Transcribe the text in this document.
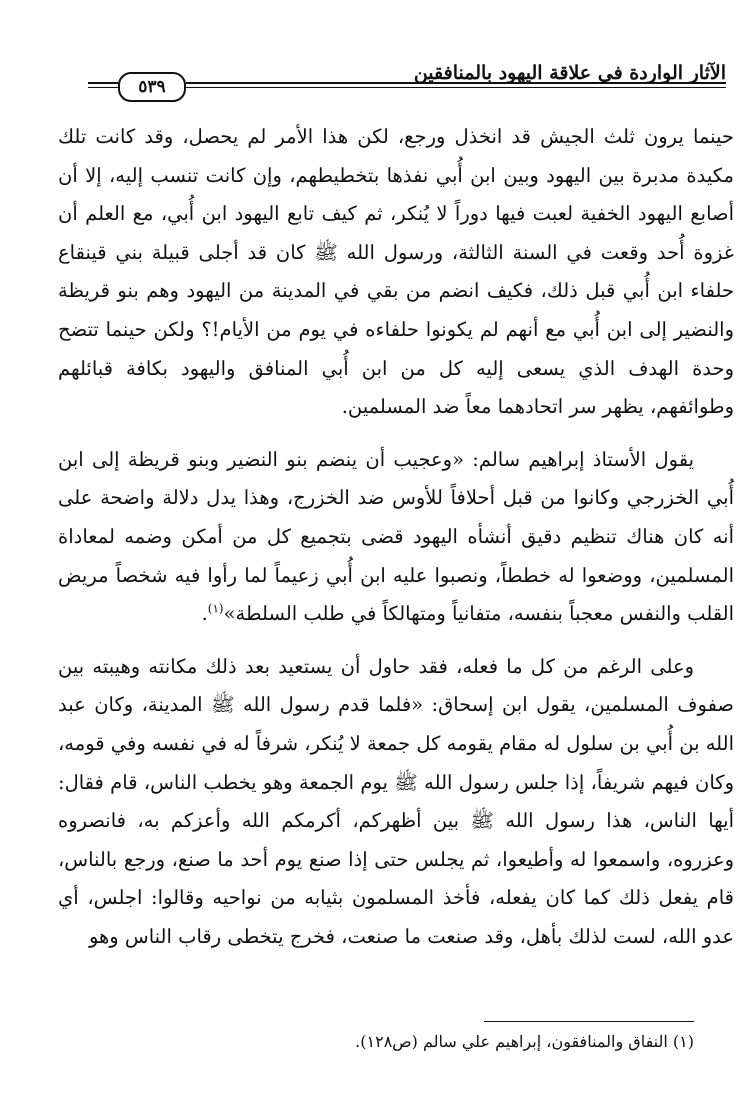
الآثار الواردة في علاقة اليهود بالمنافقين
٥٣٩

حينما يرون ثلث الجيش قد انخذل ورجع، لكن هذا الأمر لم يحصل، وقد كانت تلك مكيدة مدبرة بين اليهود وبين ابن أُبي نفذها بتخطيطهم، وإن كانت تنسب إليه، إلا أن أصابع اليهود الخفية لعبت فيها دوراً لا يُنكر، ثم كيف تابع اليهود ابن أُبي، مع العلم أن غزوة أُحد وقعت في السنة الثالثة، ورسول الله ﷺ كان قد أجلى قبيلة بني قينقاع حلفاء ابن أُبي قبل ذلك، فكيف انضم من بقي في المدينة من اليهود وهم بنو قريظة والنضير إلى ابن أُبي مع أنهم لم يكونوا حلفاءه في يوم من الأيام!؟ ولكن حينما تتضح وحدة الهدف الذي يسعى إليه كل من ابن أُبي المنافق واليهود بكافة قبائلهم وطوائفهم، يظهر سر اتحادهما معاً ضد المسلمين.

يقول الأستاذ إبراهيم سالم: «وعجيب أن ينضم بنو النضير وبنو قريظة إلى ابن أُبي الخزرجي وكانوا من قبل أحلافاً للأوس ضد الخزرج، وهذا يدل دلالة واضحة على أنه كان هناك تنظيم دقيق أنشأه اليهود قضى بتجميع كل من أمكن وضمه لمعاداة المسلمين، ووضعوا له خططاً، ونصبوا عليه ابن أُبي زعيماً لما رأوا فيه شخصاً مريض القلب والنفس معجباً بنفسه، متفانياً ومتهالكاً في طلب السلطة»$^{(١)}$.

وعلى الرغم من كل ما فعله، فقد حاول أن يستعيد بعد ذلك مكانته وهيبته بين صفوف المسلمين، يقول ابن إسحاق: «فلما قدم رسول الله ﷺ المدينة، وكان عبد الله بن أُبي بن سلول له مقام يقومه كل جمعة لا يُنكر، شرفاً له في نفسه وفي قومه، وكان فيهم شريفاً، إذا جلس رسول الله ﷺ يوم الجمعة وهو يخطب الناس، قام فقال: أيها الناس، هذا رسول الله ﷺ بين أظهركم، أكرمكم الله وأعزكم به، فانصروه وعزروه، واسمعوا له وأطيعوا، ثم يجلس حتى إذا صنع يوم أحد ما صنع، ورجع بالناس، قام يفعل ذلك كما كان يفعله، فأخذ المسلمون بثيابه من نواحيه وقالوا: اجلس، أي عدو الله، لست لذلك بأهل، وقد صنعت ما صنعت، فخرج يتخطى رقاب الناس وهو

(١) النفاق والمنافقون، إبراهيم علي سالم (ص١٢٨).
